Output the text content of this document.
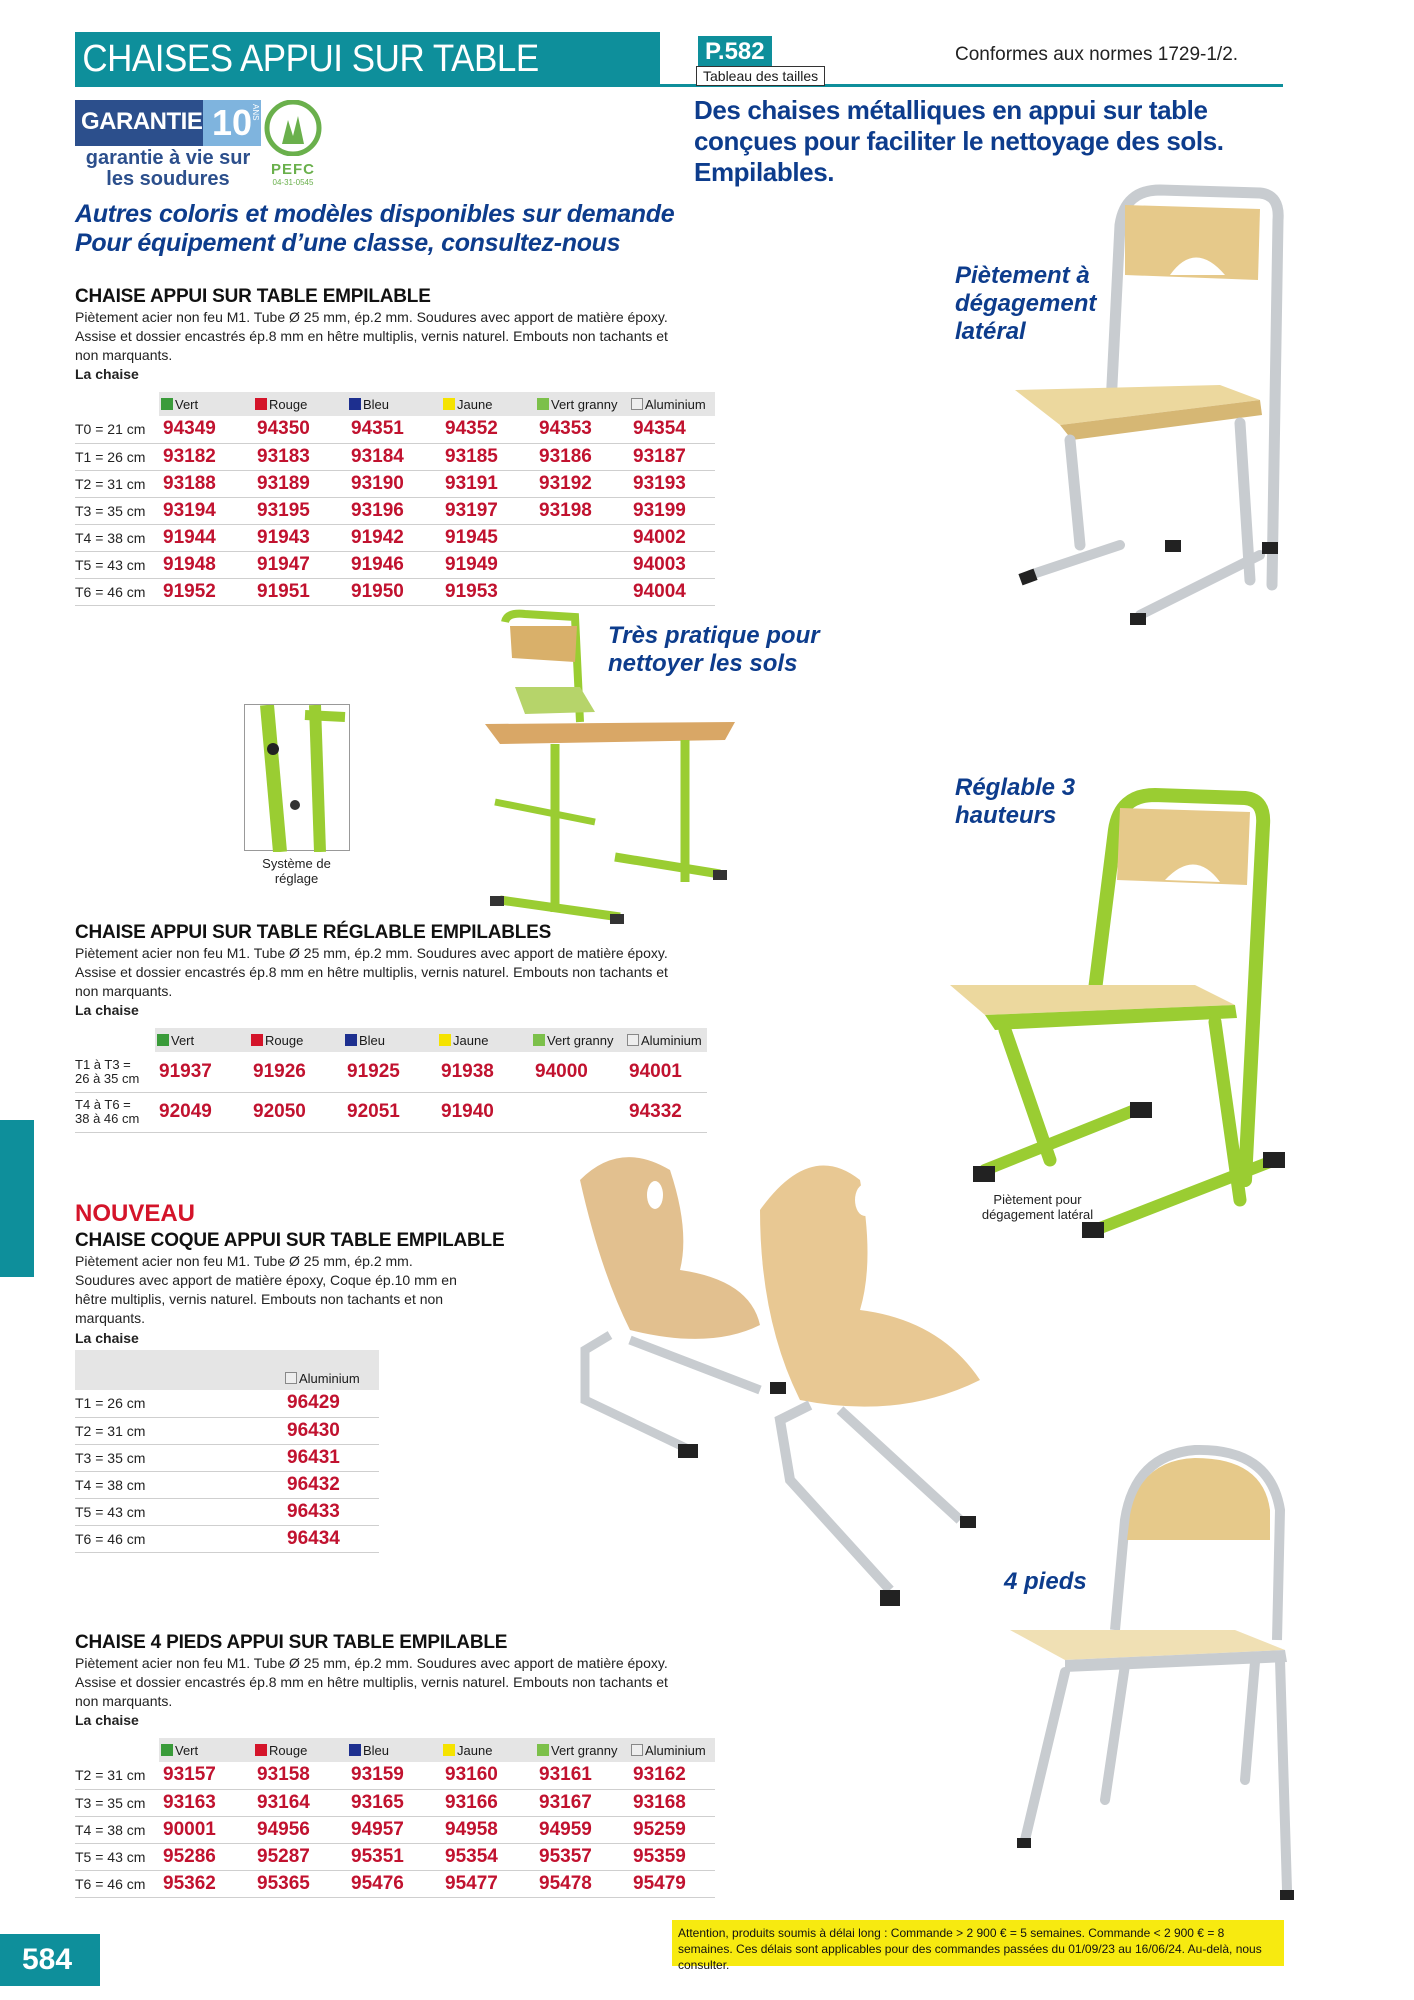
CHAISES APPUI SUR TABLE	P.582
Tableau des tailles
Conformes aux normes 1729-1/2.
Des chaises métalliques en appui sur table conçues pour faciliter le nettoyage des sols. Empilables.
GARANTIE 10
ANS
garantie à vie sur les soudures	PEFC
04-31-0545
Autres coloris et modèles disponibles sur demande Pour équipement d’une classe, consultez-nous
CHAISE APPUI SUR TABLE EMPILABLE
Piètement acier non feu M1. Tube Ø 25 mm, ép.2 mm. Soudures avec apport de matière époxy. Assise et dossier encastrés ép.8 mm en hêtre multiplis, vernis naturel. Embouts non tachants et non marquants.
La chaise
	Vert	Rouge	Bleu	Jaune	Vert granny	Aluminium
T0 = 21 cm	94349	94350	94351	94352	94353	94354
T1 = 26 cm	93182	93183	93184	93185	93186	93187
T2 = 31 cm	93188	93189	93190	93191	93192	93193
T3 = 35 cm	93194	93195	93196	93197	93198	93199
T4 = 38 cm	91944	91943	91942	91945		94002
T5 = 43 cm	91948	91947	91946	91949		94003
T6 = 46 cm	91952	91951	91950	91953		94004
CHAISE APPUI SUR TABLE RÉGLABLE EMPILABLES
Piètement acier non feu M1. Tube Ø 25 mm, ép.2 mm. Soudures avec apport de matière époxy. Assise et dossier encastrés ép.8 mm en hêtre multiplis, vernis naturel. Embouts non tachants et non marquants.
La chaise
	Vert	Rouge	Bleu	Jaune	Vert granny	Aluminium

T1 à T3 =
26 à 35 cm	91937	91926	91925	91938	94000	94001

T4 à T6 =
38 à 46 cm	92049	92050	92051	91940		94332
NOUVEAU
CHAISE COQUE APPUI SUR TABLE EMPILABLE
Piètement acier non feu M1. Tube Ø 25 mm, ép.2 mm. Soudures avec apport de matière époxy, Coque ép.10 mm en hêtre multiplis, vernis naturel. Embouts non tachants et non marquants.
La chaise
	Aluminium
T1 = 26 cm	96429
T2 = 31 cm	96430
T3 = 35 cm	96431
T4 = 38 cm	96432
T5 = 43 cm	96433
T6 = 46 cm	96434
CHAISE 4 PIEDS APPUI SUR TABLE EMPILABLE
Piètement acier non feu M1. Tube Ø 25 mm, ép.2 mm. Soudures avec apport de matière époxy. Assise et dossier encastrés ép.8 mm en hêtre multiplis, vernis naturel. Embouts non tachants et non marquants.
La chaise
	Vert	Rouge	Bleu	Jaune	Vert granny	Aluminium
T2 = 31 cm	93157	93158	93159	93160	93161	93162
T3 = 35 cm	93163	93164	93165	93166	93167	93168
T4 = 38 cm	90001	94956	94957	94958	94959	95259
T5 = 43 cm	95286	95287	95351	95354	95357	95359
T6 = 46 cm	95362	95365	95476	95477	95478	95479
Piètement à dégagement latéral
Très pratique pour nettoyer les sols
Système de réglage
Réglable 3 hauteurs
Piètement pour dégagement latéral
4 pieds
584
Attention, produits soumis à délai long : Commande > 2 900 € = 5 semaines. Commande < 2 900 € = 8 semaines. Ces délais sont applicables pour des commandes passées du 01/09/23 au 16/06/24. Au-delà, nous consulter.
